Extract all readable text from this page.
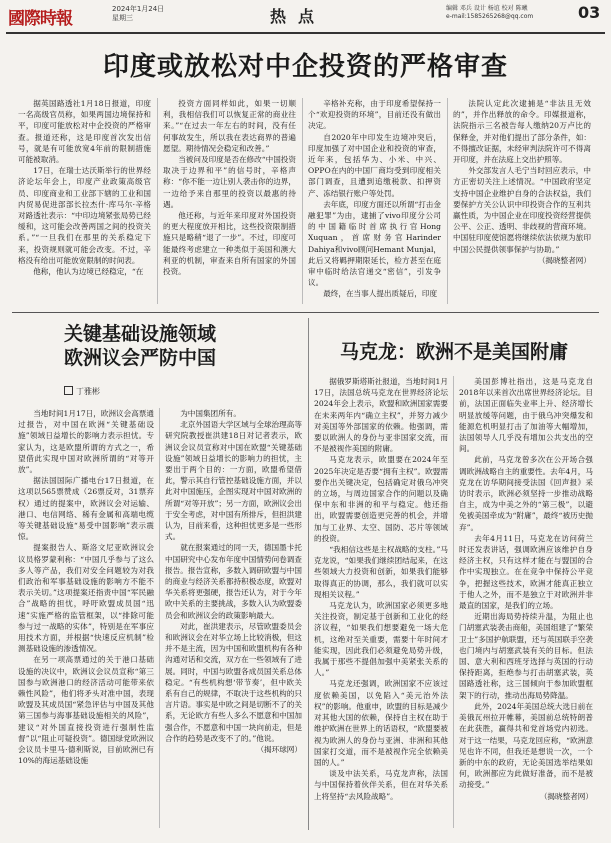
國際時報	2024年1月24日
星期三	热点	编辑 邓兵 设计 杨谊 校对 陈曦
e-mail:1585265268@qq.com	03
印度或放松对中企投资的严格审查

据英国路透社1月18日报道，印度一名高级官员称，如果两国边境保持和平，印度可能放松对中企投资的严格审查。报道还称，这是印度首次发出信号，就是有可能放宽4年前的限制措施可能被取消。

17日，在瑞士达沃斯举行的世界经济论坛年会上，印度产业政策高级官员、印度商业和工业部下辖的工业和国内贸易促进部部长拉杰什·库马尔·辛格对路透社表示：“中印边境紧张局势已经缓和，这可能会改善两国之间的投资关系。”“一旦我们在那里的关系稳定下来，投资规则就可能会改变。不过，辛格没有给出可能放宽限制的时间表。

他称，他认为边境已经稳定，“在

投资方面同样如此，如果一切顺利，我相信我们可以恢复正常的商业往来。”“在过去一年左右的时间，没有任何事故发生，所以我在表达商界的普遍愿望。期待情况会稳定和改善。”

当被问及印度是否在修改“中国投资取决于边界和平”的信号时，辛格声称：“你不能一边让别人袭击你的边界，一边给予来自那里的投资以最惠的待遇。

他还称，与近年来印度对外国投资的更大程度放开相比，这些投资限制措施只是略稍“退了一步”。不过，印度可能最终考虑建立一种类似于美国和澳大利亚的机制，审查来自所有国家的外国投资。

辛格补充称，由于印度希望保持一个“欢迎投资的环境”，目前还没有做出决定。

自2020年中印发生边境冲突后，印度加强了对中国企业和投资的审查，近年来，包括华为、小米、中兴、OPPO在内的中国厂商均受到印度相关部门调查，且遭到追缴税款、扣押资产、冻结银行账户等处罚。

去年底，印度方面还以所谓“打击金融犯罪”为由，逮捕了vivo印度分公司的中国籍临时首席执行官Hong Xuquan，首席财务官Harinder Dahiya和vivo顾问Hemant Munjal，此后又将羁押期限延长，检方甚至在庭审中临时给法官递交“密信”，引发争议。

最终，在当事人提出质疑后，印度

法院认定此次逮捕是“非法且无效的”，并作出释放的命令。印媒报道称，法院指示三名被告每人缴纳20万卢比的保释金，并对他们提出了部分条件，如：不得擅改证据，未经审判法院许可不得离开印度，并在法庭上交出护照等。

外交部发言人毛宁当时回应表示，中方正密切关注上述情况。“中国政府坚定支持中国企业维护自身的合法权益，我们要保护方关公认识中印投资合作的互利共赢性质，为中国企业在印度投资经营提供公平、公正、透明、非歧视的营商环境。中国驻印度使馆愿将继续依法依规为旅印中国公民提供领事保护与协助。”

（揭晓整者网）
关键基础设施领域
欧洲议会严防中国
丁雅彬

当地时间1月17日，欧洲议会高票通过报告，对中国在欧洲“关键基础设施”领域日益增长的影响力表示担忧。专家认为，这是欧盟所谓的方式之一，希望借此实现中国对欧洲所谓的“对等开放”。

据法国国际广播电台17日报道，在这项以565票赞成（26票反对，31票弃权）通过的提案中，欧洲议会对运输、港口、电信网络、稀有金属和高端电缆等关键基础设施“易受中国影响”表示震惊。

提案报告人、斯洛文尼亚欧洲议会议员格罗蒙利称：“中国几乎参与了这么多人等产品，我们对安全问题较为对我们政治和军事基础设施的影响方不能不表示关切。”这项提案还指责中国“军民融合”战略的担忧，呼吁欧盟成员国“迅速”实施严格的监管框架，以“排除可能参与过一战略的实体”，特别是在军事应用技术方面，并根据“快速反应机制”检测基础设施的渗透情况。

在另一项高票通过的关于港口基础设施的决议中，欧洲议会议员宣称“第三国参与欧洲港口的经济活动可能带来依赖性风险”，他们将矛头对准中国，表现欧盟及其成员国“紧急评估与中国及其他第三国参与海事基础设施相关的风险”，建议“对外国直接投资进行强制性监督”以“阻止可疑投资”。德国绿党欧洲议会议员卡里马·德利斯说，目前欧洲已有10%的海运基础设施

为中国集团所有。

北京外国语大学区域与全球治理高等研究院教授崔洪建18日对记者表示，欧洲议会议员宣称对中国在欧盟“关键基础设施”领域日益增长的影响力的担忧，主要出于两个目的：一方面，欧盟希望借此，警示其自行管控基础设施方面，并以此对中国施压，企图实现对中国对欧洲的所谓“对等开放”；另一方面，欧洲议会出于安全考虑，对中国有所排斥，但担洪建认为，目前来看，这种担忧更多是一些形式。

就在报案通过的同一天，德国墨卡托中国研究中心发布年度中国情势问卷调查报告。报告宣称，多数入调研欧盟与中国的商业与经济关系都持积极态度，欧盟对华关系将更强硬，报告还认为，对于今年欧中关系的主要挑战，多数入认为欧盟委员会和欧洲议会的政策影响最大。

对此，崔洪建表示，尽管欧盟委员会和欧洲议会在对华立场上比较消极，但这并不是主流，因为中国和欧盟机构有各种沟通对话和交流，双方在一些领域有了进展。同时，中国与欧盟各成员国关系总体稳定。“有些机构想‘带节奏’，但中欧关系有自己的规律，不取决于这些机构的只言片语。事实是中欧之间是切断不了的关系，无论欧方有些人多么不愿意和中国加强合作，不愿意和中国一块向前走，但是合作的趋势是改变不了的。”他说。

（揭环球网）
马克龙：欧洲不是美国附庸

据俄罗斯塔斯社报道，当地时间1月17日，法国总统马克龙在世界经济论坛2024年会上表示，欧盟和欧洲国家需要在未来两年内“确立主权”，并努力减少对美国等外部国家的依赖。他强调，需要以欧洲人的身份与亚非国家交流，而不是被视作美国的附庸。

马克龙表示，欧盟要在2024年至2025年决定是否要“拥有主权”。欧盟需要作出关键决定，包括确定对俄乌冲突的立场，与周边国家合作的问题以及确保中东和非洲的和平与稳定。他还指出，欧盟需要创造更完善的机会，并增加与工业界、太空、国防、芯片等领域的投资。

“我相信这些是主权战略的支柱。”马克龙说，“如果我们继续团结起来，在这些领域大力投资和创新，如果我们能够取得真正的协调，那么，我们就可以实现相关议程。”

马克龙认为，欧洲国家必须更多地关注投资，制定基于创新和工业化的经济议程，“如果我们想要避免一场大危机，这绝对至关重要，需要十年时间才能实现，因此我们必须避免局势升级，我属于那些不提倡加强中美紧张关系的人。”

马克龙还强调，欧洲国家不应该过度依赖美国，以免陷入“美元治外法权”的影响。他重申，欧盟的目标是减少对其他大国的依赖，保持自主权在助于维护欧洲在世界上的话语权，“欧盟要被视为欧洲人的身份与亚洲、非洲和其他国家打交道，而不是被视作完全依赖美国的人。”

谈及中法关系，马克龙声称，法国与中国保持着伙伴关系，但在对华关系上将坚持“去风险战略”。

美国彭博社指出，这是马克龙自2018年以来首次出席世界经济论坛。目前，法国正面临失业率上升、经济增长明显放缓等问题，由于俄乌冲突爆发和能源危机明显打击了加油等大幅增加，法国领导人几乎没有增加公共支出的空间。

此前，马克龙曾多次在公开场合强调欧洲战略自主的重要性。去年4月，马克龙在访华期间接受法国《回声报》采访时表示，欧洲必须坚持一步推动战略自主，成为中美之外的“第三极”，以避免被美国牵成为“附庸”，最终“被历史抛弃”。

去年4月11日，马克龙在访问荷兰时还发表讲话，强调欧洲应该维护自身经济主权，只有这样才能在与盟国的合作中实现独立。在在竞争中保持公平竞争，把握这些技术，欧洲才能真正独立于他人之外，而不是独立于对欧洲并非最直的国家，是我们的立场。

近期出海局势持续升温，为阻止也门胡塞武装袭击商船，美国组建了“繁荣卫士”多国护航联盟，还与英国联手空袭也门境内与胡塞武装有关的目标。但法国、意大利和西班牙选择与英国的行动保持距离，拒绝参与打击胡塞武装，英国路透社称，这三国倾向于参加欧盟框架下的行动，推动出海局势降温。

此外，2024年美国总统大选日前在美俄瓦州拉开帷幕，美国前总统特朗普在此获胜，赢得共和党首场党内初选。对于这一结果，马克龙回应称，“欧洲意见也许不同，但我还是想说一次，一个新的中东的政府，无论美国选举结果如何，欧洲都应为此做好准备，而不是被动接受。”

（揭晓整者网）
